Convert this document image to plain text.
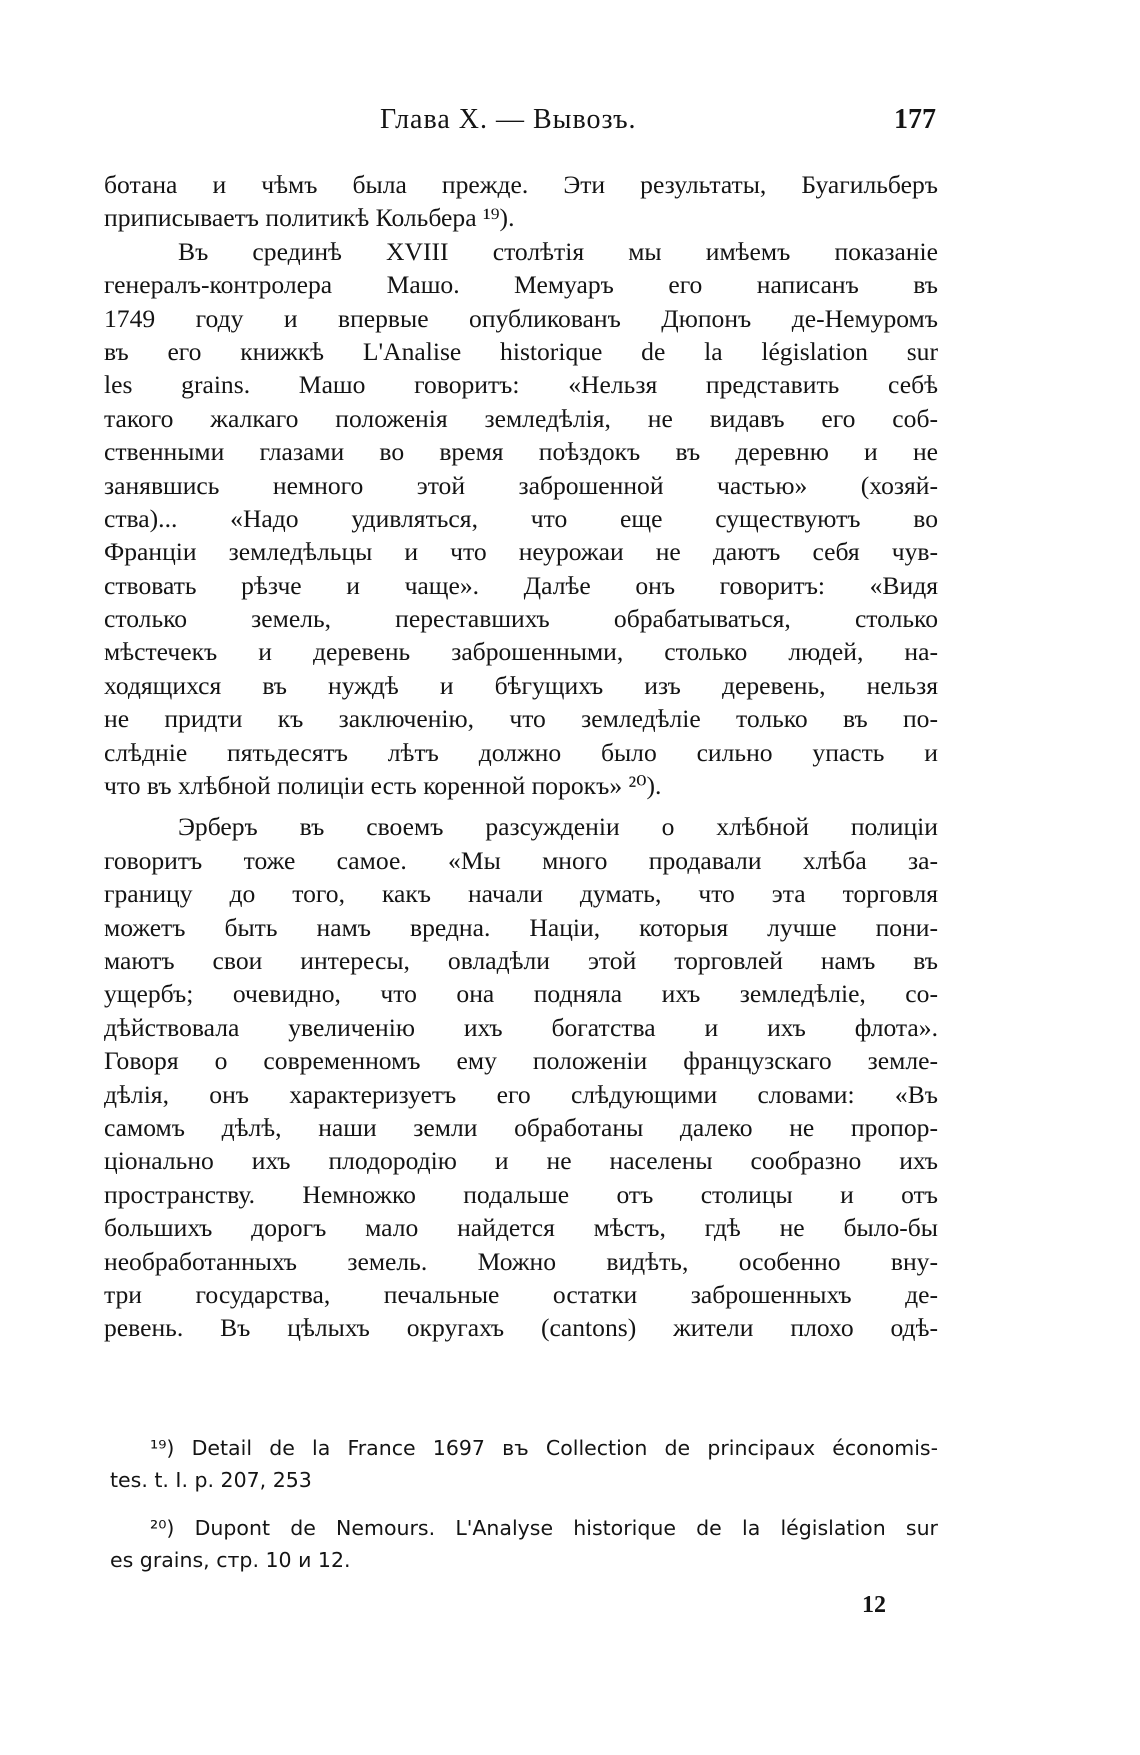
Глава X. — Вывозъ.	177
ботана и чѣмъ была прежде. Эти результаты, Буагильберъ
приписываетъ политикѣ Кольбера ¹⁹).
Въ срединѣ XVIII столѣтія мы имѣемъ показаніе
генералъ-контролера Машо. Мемуаръ его написанъ въ
1749 году и впервые опубликованъ Дюпонъ де-Немуромъ
въ его книжкѣ L'Analise historique de la législation sur
les grains. Машо говоритъ: «Нельзя представить себѣ
такого жалкаго положенія земледѣлія, не видавъ его соб-
ственными глазами во время поѣздокъ въ деревню и не
занявшись немного этой заброшенной частью» (хозяй-
ства)... «Надо удивляться, что еще существуютъ во
Франціи земледѣльцы и что неурожаи не даютъ себя чув-
ствовать рѣзче и чаще». Далѣе онъ говоритъ: «Видя
столько земель, переставшихъ обрабатываться, столько
мѣстечекъ и деревень заброшенными, столько людей, на-
ходящихся въ нуждѣ и бѣгущихъ изъ деревень, нельзя
не придти къ заключенію, что земледѣліе только въ по-
слѣдніе пятьдесятъ лѣтъ должно было сильно упасть и
что въ хлѣбной полиціи есть коренной порокъ» ²⁰).
Эрберъ въ своемъ разсужденіи о хлѣбной полиціи
говоритъ тоже самое. «Мы много продавали хлѣба за-
границу до того, какъ начали думать, что эта торговля
можетъ быть намъ вредна. Націи, которыя лучше пони-
маютъ свои интересы, овладѣли этой торговлей намъ въ
ущербъ; очевидно, что она подняла ихъ земледѣліе, со-
дѣйствовала увеличенію ихъ богатства и ихъ флота».
Говоря о современномъ ему положеніи французскаго земле-
дѣлія, онъ характеризуетъ его слѣдующими словами: «Въ
самомъ дѣлѣ, наши земли обработаны далеко не пропор-
ціонально ихъ плодородію и не населены сообразно ихъ
пространству. Немножко подальше отъ столицы и отъ
большихъ дорогъ мало найдется мѣстъ, гдѣ не было-бы
необработанныхъ земель. Можно видѣть, особенно вну-
три государства, печальные остатки заброшенныхъ де-
ревень. Въ цѣлыхъ округахъ (cantons) жители плохо одѣ-
¹⁹) Detail de la France 1697 въ Collection de principaux économis-
tes. t. I. p. 207, 253
²⁰) Dupont de Nemours. L'Analyse historique de la législation sur
es grains, стр. 10 и 12.
12
